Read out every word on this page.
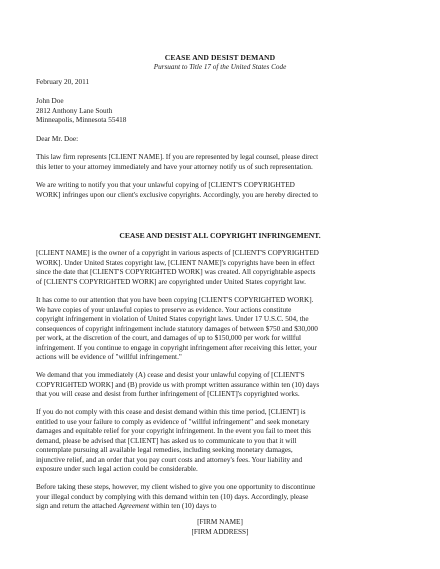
CEASE AND DESIST DEMAND
Pursuant to Title 17 of the United States Code
February 20, 2011
John Doe
2812 Anthony Lane South
Minneapolis, Minnesota 55418
Dear Mr. Doe:
This law firm represents [CLIENT NAME]. If you are represented by legal counsel, please direct
this letter to your attorney immediately and have your attorney notify us of such representation.
We are writing to notify you that your unlawful copying of [CLIENT'S COPYRIGHTED
WORK] infringes upon our client's exclusive copyrights. Accordingly, you are hereby directed to
CEASE AND DESIST ALL COPYRIGHT INFRINGEMENT.
[CLIENT NAME] is the owner of a copyright in various aspects of [CLIENT'S COPYRIGHTED
WORK]. Under United States copyright law, [CLIENT NAME]'s copyrights have been in effect
since the date that [CLIENT'S COPYRIGHTED WORK] was created. All copyrightable aspects
of [CLIENT'S COPYRIGHTED WORK] are copyrighted under United States copyright law.
It has come to our attention that you have been copying [CLIENT'S COPYRIGHTED WORK].
We have copies of your unlawful copies to preserve as evidence. Your actions constitute
copyright infringement in violation of United States copyright laws. Under 17 U.S.C. 504, the
consequences of copyright infringement include statutory damages of between $750 and $30,000
per work, at the discretion of the court, and damages of up to $150,000 per work for willful
infringement. If you continue to engage in copyright infringement after receiving this letter, your
actions will be evidence of "willful infringement."
We demand that you immediately (A) cease and desist your unlawful copying of [CLIENT'S
COPYRIGHTED WORK] and (B) provide us with prompt written assurance within ten (10) days
that you will cease and desist from further infringement of [CLIENT]'s copyrighted works.
If you do not comply with this cease and desist demand within this time period, [CLIENT] is
entitled to use your failure to comply as evidence of "willful infringement" and seek monetary
damages and equitable relief for your copyright infringement. In the event you fail to meet this
demand, please be advised that [CLIENT] has asked us to communicate to you that it will
contemplate pursuing all available legal remedies, including seeking monetary damages,
injunctive relief, and an order that you pay court costs and attorney's fees. Your liability and
exposure under such legal action could be considerable.
Before taking these steps, however, my client wished to give you one opportunity to discontinue
your illegal conduct by complying with this demand within ten (10) days. Accordingly, please
sign and return the attached Agreement within ten (10) days to
[FIRM NAME]
[FIRM ADDRESS]
